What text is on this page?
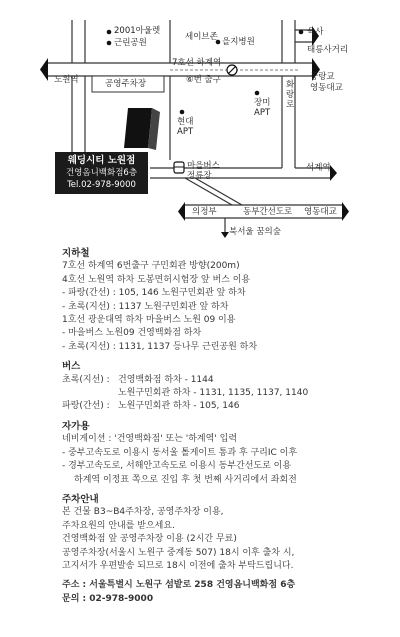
2001아울렛
근린공원
세이브존 을지병원
육사
태릉사거리
노원역	공영주차장
7호선 하계역
⑥번 출구	중랑교
영동대교
화랑로
장미
APT
현대
APT
마을버스
정류장
석계역
의정부	동부간선도로 영동대교
북서울 꿈의숲
웨딩시티 노원점
건영옴니백화점6층
Tel.02-978-9000
지하철

7호선 하계역 6번출구 구민회관 방향(200m)

4호선 노원역 하차 도봉면허시험장 앞 버스 이용

- 파랑(간선) : 105, 146 노원구민회관 앞 하차

- 초록(지선) : 1137 노원구민회관 앞 하차

1호선 광운대역 하차 마을버스 노원 09 이용

- 마을버스 노원09 건영백화점 하차

- 초록(지선) : 1131, 1137 등나무 근린공원 하차

버스

초록(지선) : 건영백화점 하차 - 1144

노원구민회관 하차 - 1131, 1135, 1137, 1140

파랑(간선) : 노원구민회관 하차 - 105, 146

자가용

네비게이션 : '건영백화점' 또는 '하계역' 입력

- 중부고속도로 이용시 동서울 톨게이트 통과 후 구리IC 이후

- 경부고속도로, 서해안고속도로 이용시 동부간선도로 이용

하계역 이정표 쪽으로 진입 후 첫 번째 사거리에서 좌회전

주차안내

본 건물 B3~B4주차장, 공영주차장 이용,

주차요원의 안내를 받으세요.

건영백화점 앞 공영주차장 이용 (2시간 무료)

공영주차장(서울시 노원구 중계동 507) 18시 이후 출차 시,

고지서가 우편발송 되므로 18시 이전에 출차 부탁드립니다.

주소 : 서울특별시 노원구 섬밭로 258 건영옴니백화점 6층

문의 : 02-978-9000
